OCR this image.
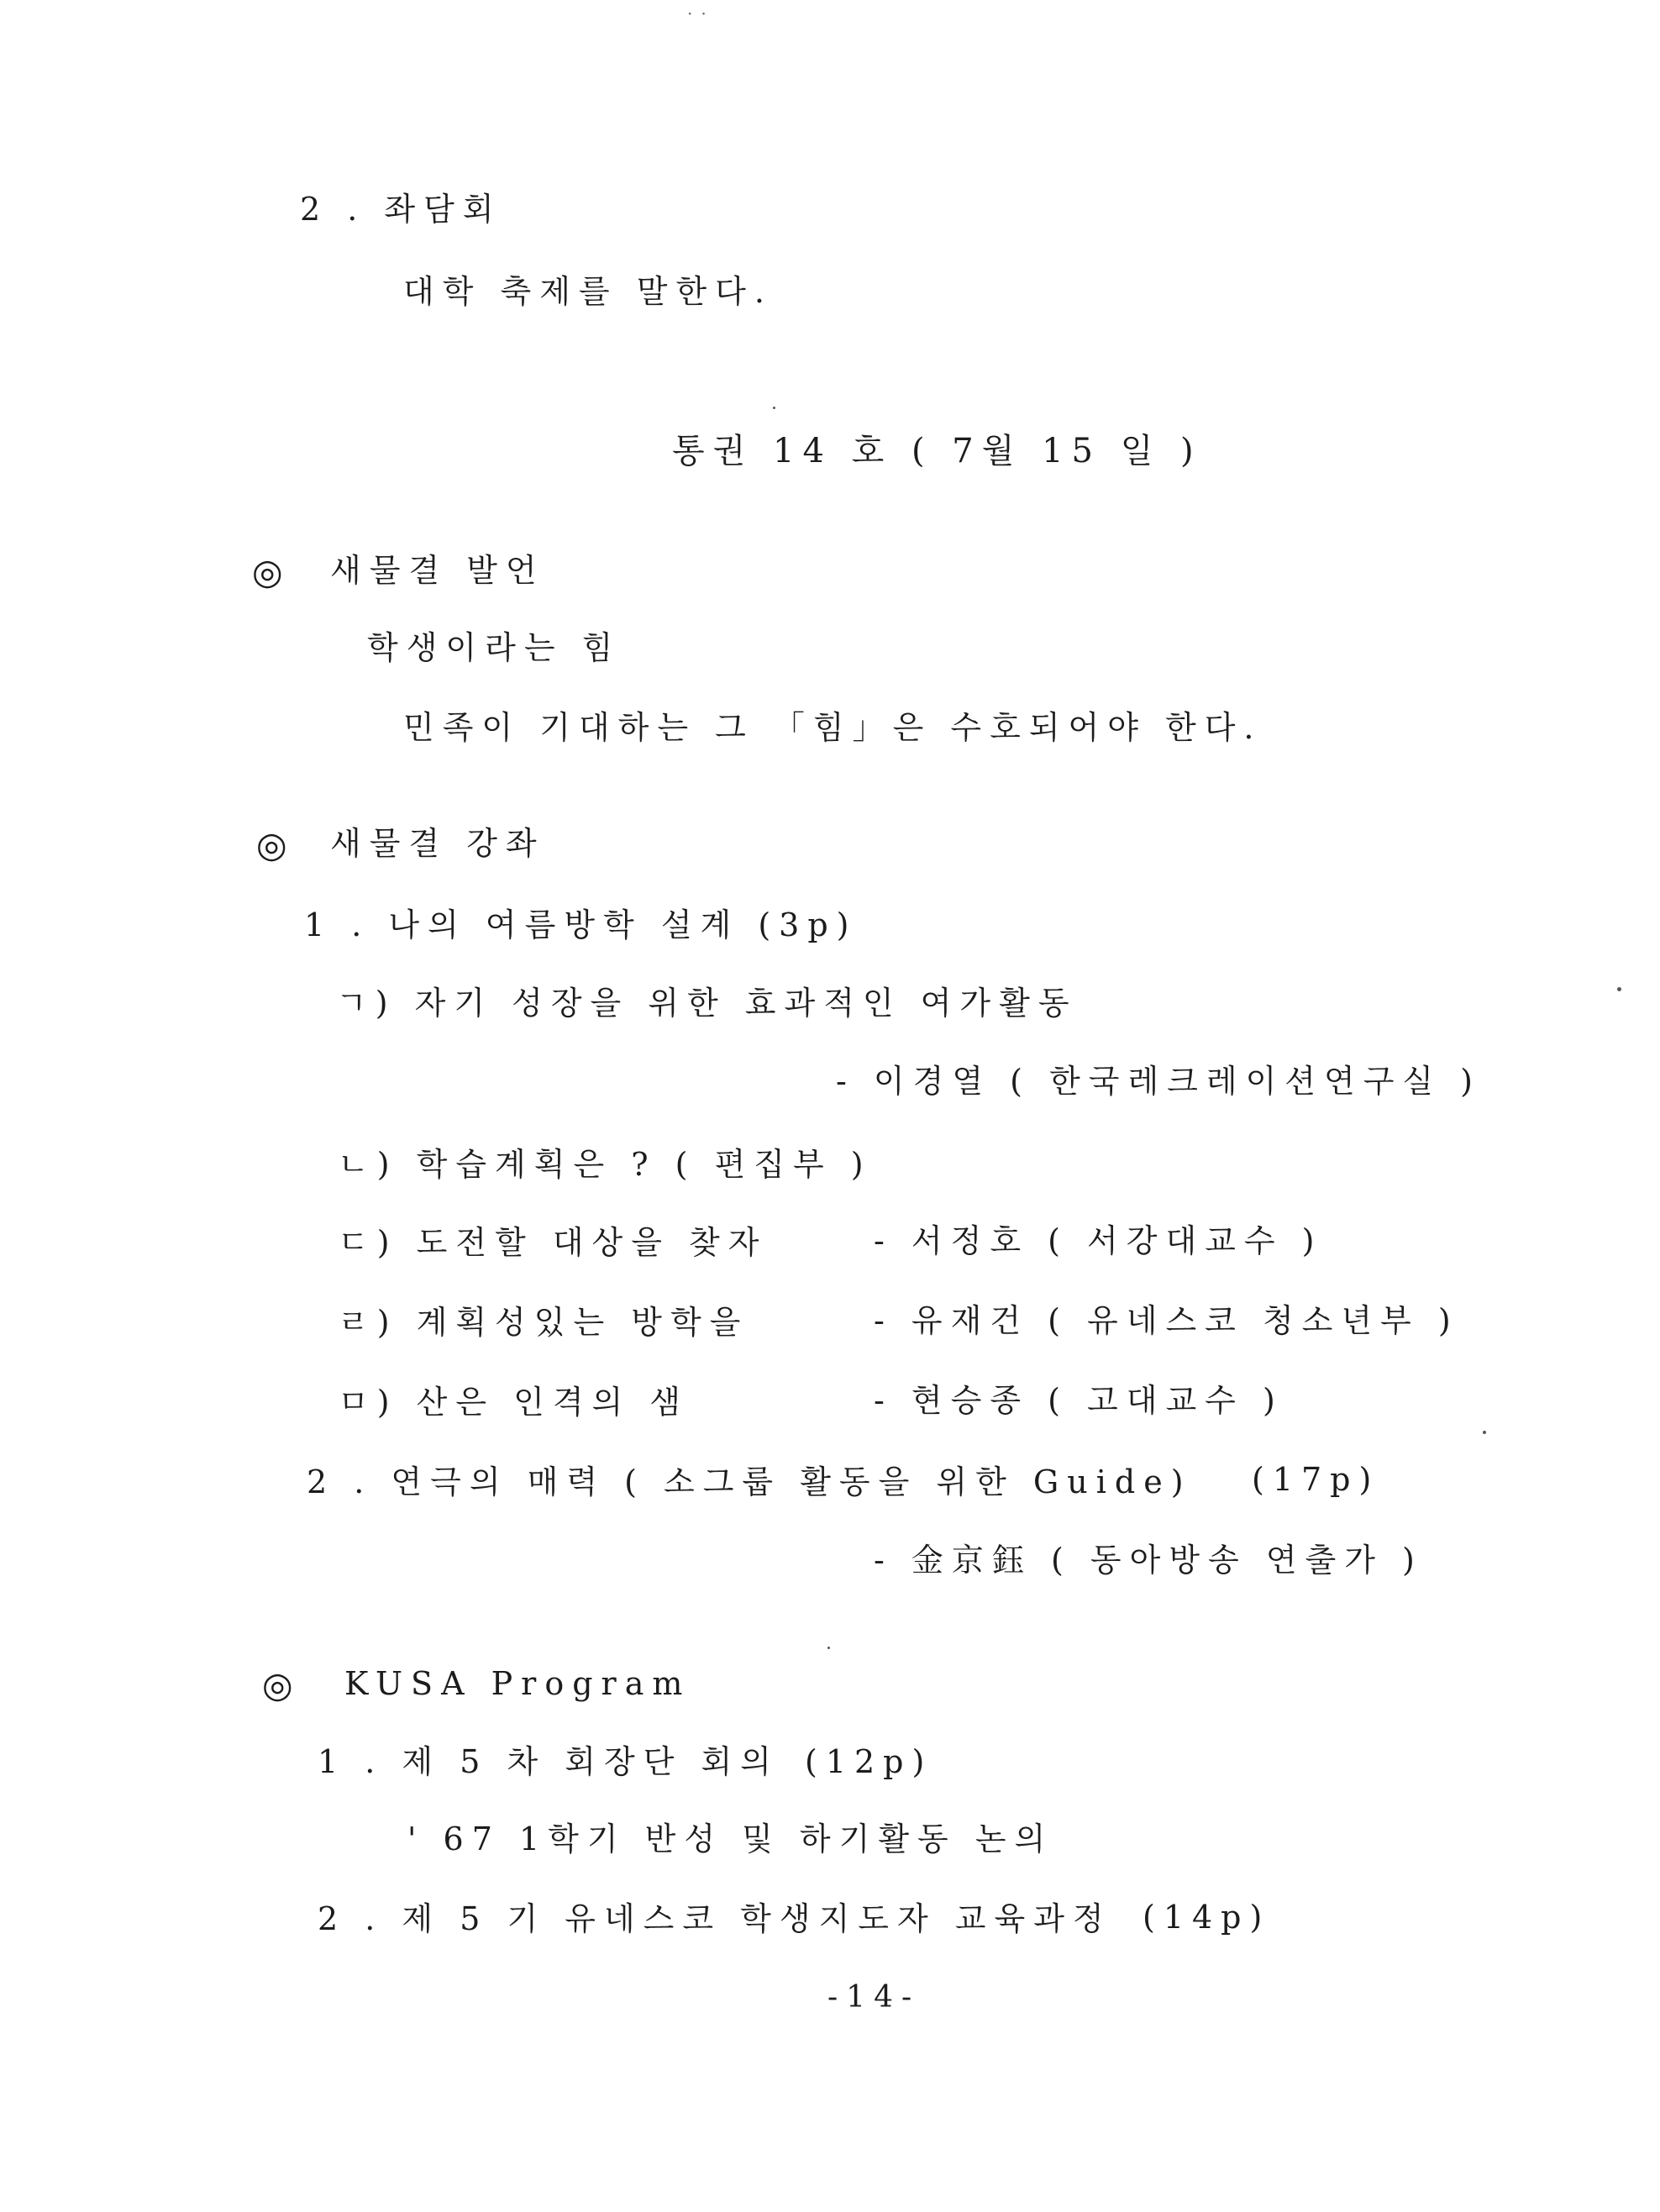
··
2 . 좌담회
대학 축제를 말한다.
통권 14 호 ( 7월 15 일 )
◎ 새물결 발언
학생이라는 힘
민족이 기대하는 그 「힘」은 수호되어야 한다.
◎ 새물결 강좌
1 . 나의 여름방학 설계 (3p)
ㄱ) 자기 성장을 위한 효과적인 여가활동
- 이경열 ( 한국레크레이션연구실 )
ㄴ) 학습계획은 ? ( 편집부 )
ㄷ) 도전할 대상을 찾자	- 서정호 ( 서강대교수 )
ㄹ) 계획성있는 방학을	- 유재건 ( 유네스코 청소년부 )
ㅁ) 산은 인격의 샘	- 현승종 ( 고대교수 )
2 . 연극의 매력 ( 소그룹 활동을 위한 Guide) (17p)
- 金京鈺 ( 동아방송 연출가 )
◎ KUSA Program
1 . 제 5 차 회장단 회의 (12p)
' 67 1학기 반성 및 하기활동 논의
2 . 제 5 기 유네스코 학생지도자 교육과정 (14p)
-14-
